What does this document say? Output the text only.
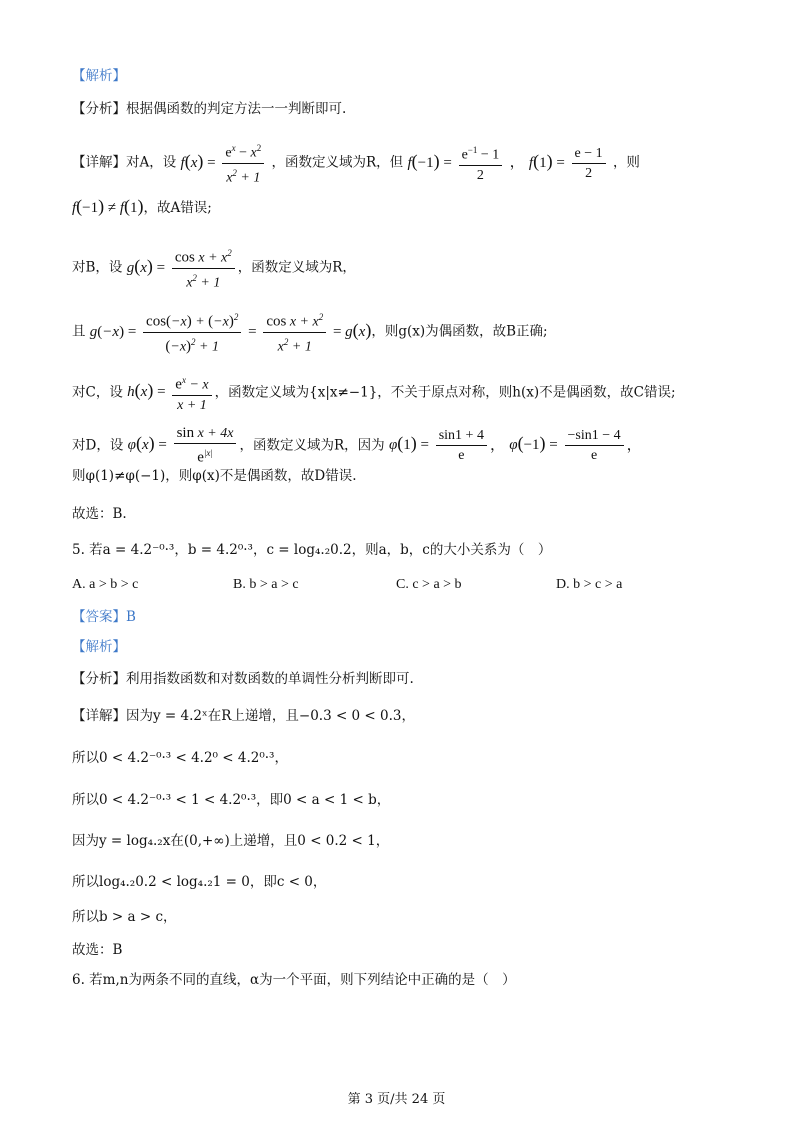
【解析】
【分析】根据偶函数的判定方法一一判断即可.
【详解】对A，设 $f(x) = \frac{e^x - x^2}{x^2 + 1}$ ，函数定义域为R，但 $f(-1) = \frac{e^{-1} - 1}{2}$ ， $f(1) = \frac{e - 1}{2}$ ，则
f(−1) ≠ f(1)，故A错误;
对B，设 $g(x) = \frac{\cos x + x^2}{x^2 + 1}$ ，函数定义域为R，
且 $g(-x) = \frac{\cos(-x) + (-x)^2}{(-x)^2 + 1} = \frac{\cos x + x^2}{x^2 + 1} = g(x)$，则g(x)为偶函数，故B正确;
对C，设 $h(x) = \frac{e^x - x}{x + 1}$ ，函数定义域为{x|x≠−1}，不关于原点对称，则h(x)不是偶函数，故C错误;
对D，设 $\varphi(x) = \frac{\text{sin x + 4x}}{e^{|x|}}$ ，函数定义域为R，因为 $\varphi(1) = \frac{\sin 1 + 4}{e}$ ， $\varphi(-1) = \frac{-\sin 1 - 4}{e}$ ，
则φ(1)≠φ(−1)，则φ(x)不是偶函数，故D错误.
故选：B.
5. 若a = 4.2⁻⁰·³，b = 4.2⁰·³，c = log₄.₂0.2，则a，b，c的大小关系为（　）
A. a > b > c	B. b > a > c	C. c > a > b	D. b > c > a
【答案】B
【解析】
【分析】利用指数函数和对数函数的单调性分析判断即可.
【详解】因为y = 4.2ˣ在R上递增，且−0.3 < 0 < 0.3，
所以0 < 4.2⁻⁰·³ < 4.2⁰ < 4.2⁰·³，
所以0 < 4.2⁻⁰·³ < 1 < 4.2⁰·³，即0 < a < 1 < b，
因为y = log₄.₂x在(0,+∞)上递增，且0 < 0.2 < 1，
所以log₄.₂0.2 < log₄.₂1 = 0，即c < 0，
所以b > a > c，
故选：B
6. 若m,n为两条不同的直线，α为一个平面，则下列结论中正确的是（　）
第 3 页/共 24 页
